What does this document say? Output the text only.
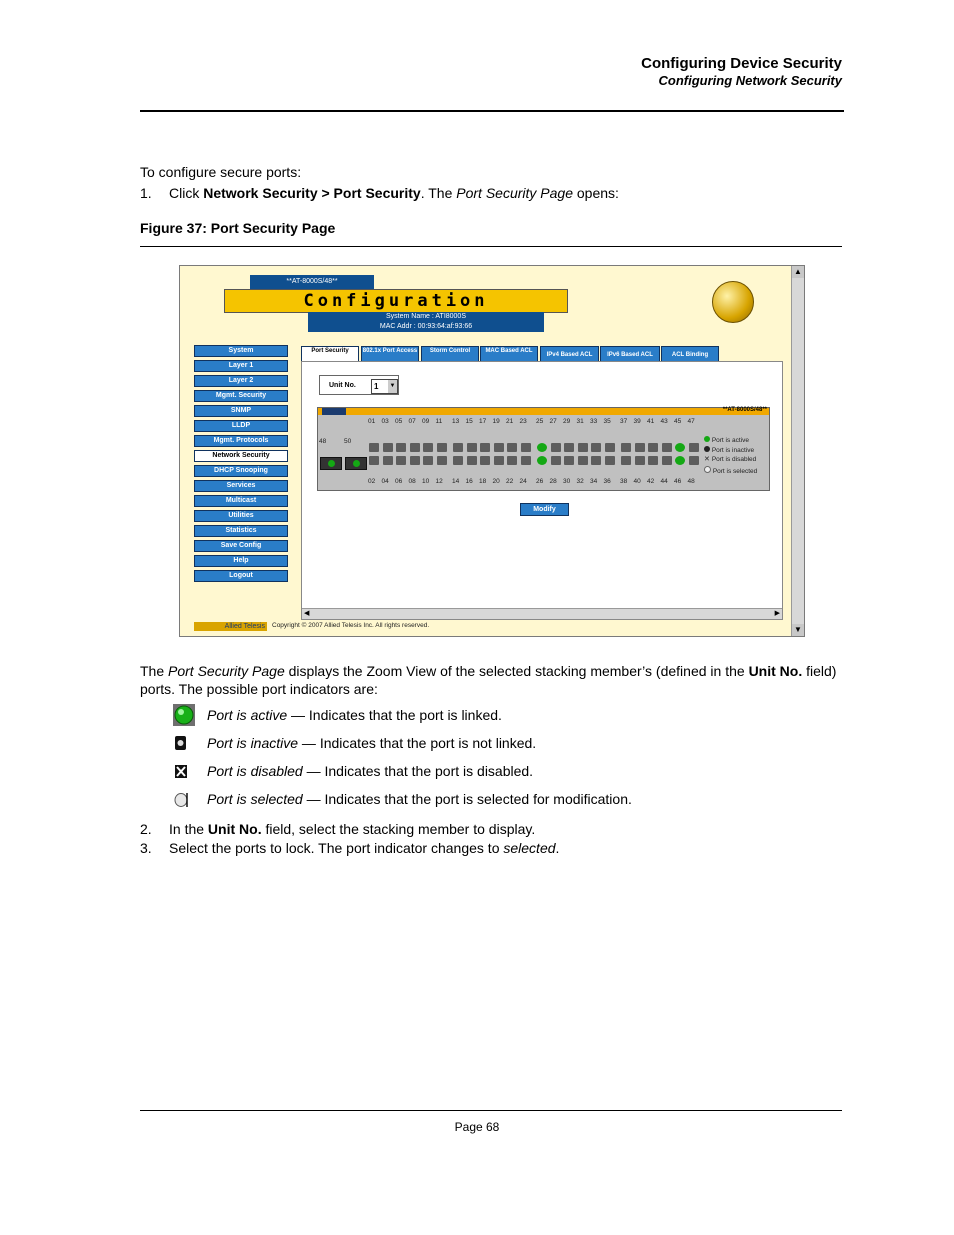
Configuring Device Security
Configuring Network Security
To configure secure ports:
1. Click Network Security > Port Security. The Port Security Page opens:
Figure 37: Port Security Page
▲
▼
**AT-8000S/48**
Configuration
System Name : ATI8000S
MAC Addr : 00:93:64:af:93:66
System
Layer 1
Layer 2
Mgmt. Security
SNMP
LLDP
Mgmt. Protocols
Network Security
DHCP Snooping
Services
Multicast
Utilities
Statistics
Save Config
Help
Logout
Port Security	802.1x Port Access	Storm Control	MAC Based ACL
IPv4 Based ACL	IPv6 Based ACL	ACL Binding
Unit No.	1 ▼
**AT-8000S/48**
01 03 05 07 09 11 13 15 17 19 21 23 25 27 29 31 33 35 37 39 41 43 45 47
02 04 06 08 10 12 14 16 18 20 22 24 26 28 30 32 34 36 38 40 42 44 46 48
48	50	Port is active
Port is inactive
✕ Port is disabled
Port is selected
Modify
◀	▶
Allied Telesis	Copyright © 2007 Allied Telesis Inc. All rights reserved.
The Port Security Page displays the Zoom View of the selected stacking member’s (defined in the Unit No. field)
ports. The possible port indicators are:
Port is active — Indicates that the port is linked.
Port is inactive — Indicates that the port is not linked.
Port is disabled — Indicates that the port is disabled.
Port is selected — Indicates that the port is selected for modification.
2. In the Unit No. field, select the stacking member to display.
3. Select the ports to lock. The port indicator changes to selected.
Page 68
